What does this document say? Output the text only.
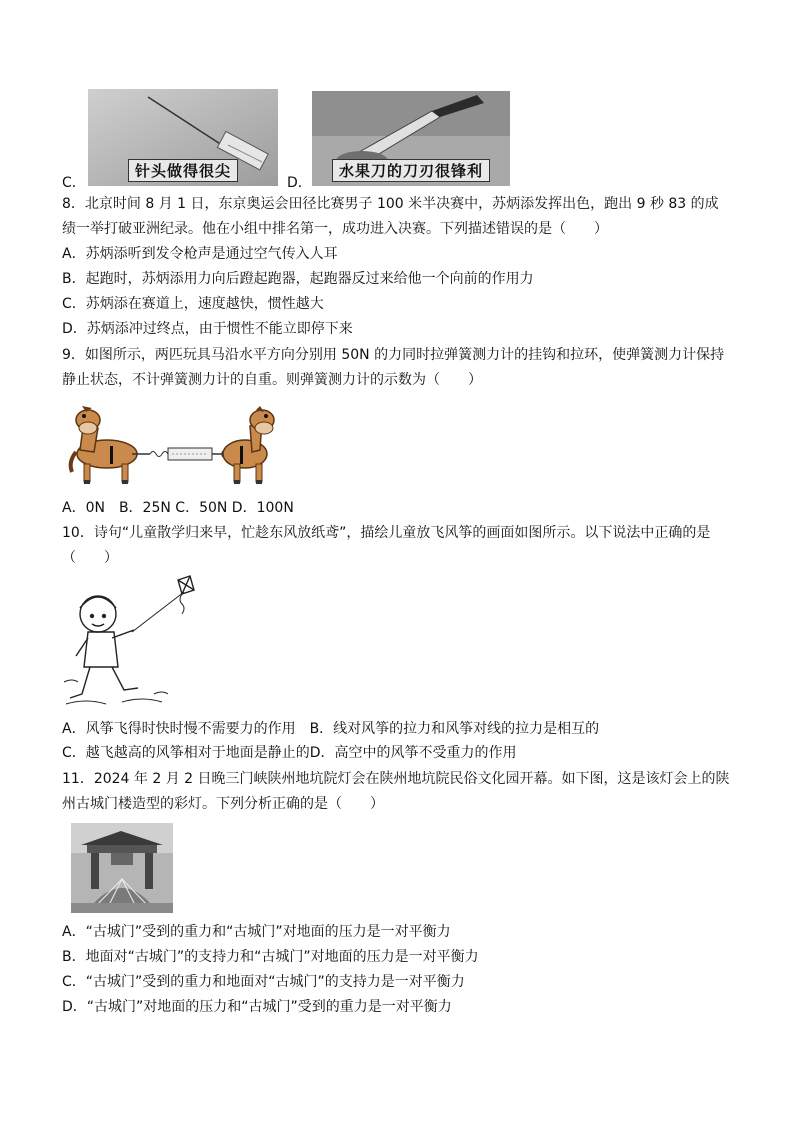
C．
针头做得很尖
D．
水果刀的刀刃很锋利
8．北京时间 8 月 1 日，东京奥运会田径比赛男子 100 米半决赛中，苏炳添发挥出色，跑出 9 秒 83 的成绩一举打破亚洲纪录。他在小组中排名第一，成功进入决赛。下列描述错误的是（　　）
A．苏炳添听到发令枪声是通过空气传入人耳
B．起跑时，苏炳添用力向后蹬起跑器，起跑器反过来给他一个向前的作用力
C．苏炳添在赛道上，速度越快，惯性越大
D．苏炳添冲过终点，由于惯性不能立即停下来
9．如图所示，两匹玩具马沿水平方向分别用 50N 的力同时拉弹簧测力计的挂钩和拉环，使弹簧测力计保持静止状态，不计弹簧测力计的自重。则弹簧测力计的示数为（　　）
A．0N　B．25N C．50N D．100N
10．诗句“儿童散学归来早，忙趁东风放纸鸢”，描绘儿童放飞风筝的画面如图所示。以下说法中正确的是（　　）
A．风筝飞得时快时慢不需要力的作用　B．线对风筝的拉力和风筝对线的拉力是相互的
C．越飞越高的风筝相对于地面是静止的D．高空中的风筝不受重力的作用
11．2024 年 2 月 2 日晚三门峡陕州地坑院灯会在陕州地坑院民俗文化园开幕。如下图，这是该灯会上的陕州古城门楼造型的彩灯。下列分析正确的是（　　）
A．“古城门”受到的重力和“古城门”对地面的压力是一对平衡力
B．地面对“古城门”的支持力和“古城门”对地面的压力是一对平衡力
C．“古城门”受到的重力和地面对“古城门”的支持力是一对平衡力
D．“古城门”对地面的压力和“古城门”受到的重力是一对平衡力
